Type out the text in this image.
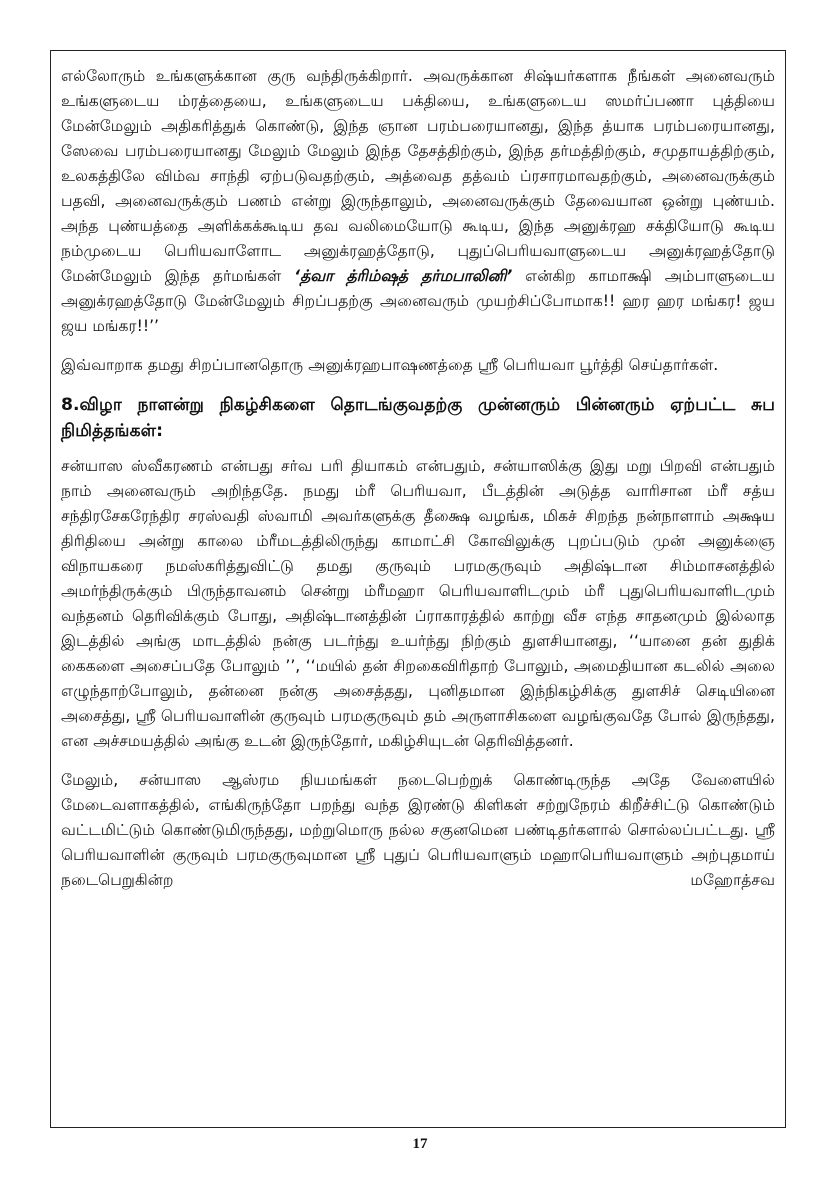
எல்லோரும் உங்களுக்கான குரு வந்திருக்கிறார். அவருக்கான சிஷ்யர்களாக நீங்கள் அனைவரும் உங்களுடைய ம்ரத்தையை, உங்களுடைய பக்தியை, உங்களுடைய ஸமர்ப்பணா புத்தியை மேன்மேலும் அதிகரித்துக் கொண்டு, இந்த ஞான பரம்பரையானது, இந்த த்யாக பரம்பரையானது, ஸேவை பரம்பரையானது மேலும் மேலும் இந்த தேசத்திற்கும், இந்த தர்மத்திற்கும், சமுதாயத்திற்கும், உலகத்திலே விம்வ சாந்தி ஏற்படுவதற்கும், அத்வைத தத்வம் ப்ரசாரமாவதற்கும், அனைவருக்கும் பதவி, அனைவருக்கும் பணம் என்று இருந்தாலும், அனைவருக்கும் தேவையான ஒன்று புண்யம். அந்த புண்யத்தை அளிக்கக்கூடிய தவ வலிமையோடு கூடிய, இந்த அனுக்ரஹ சக்தியோடு கூடிய நம்முடைய பெரியவாளோட அனுக்ரஹத்தோடு, புதுப்பெரியவாளுடைய அனுக்ரஹத்தோடு மேன்மேலும் இந்த தர்மங்கள் ‘த்வா த்ரிம்ஷத் தர்மபாலினி’ என்கிற காமாக்ஷி அம்பாளுடைய அனுக்ரஹத்தோடு மேன்மேலும் சிறப்பதற்கு அனைவரும் முயற்சிப்போமாக!! ஹர ஹர மங்கர! ஜய ஜய மங்கர!!’’

இவ்வாறாக தமது சிறப்பானதொரு அனுக்ரஹபாஷணத்தை ஸ்ரீ பெரியவா பூர்த்தி செய்தார்கள்.

8.விழா நாளன்று நிகழ்சிகளை தொடங்குவதற்கு முன்னரும் பின்னரும் ஏற்பட்ட சுப நிமித்தங்கள்:

சன்யாஸ ஸ்வீகரணம் என்பது சர்வ பரி தியாகம் என்பதும், சன்யாஸிக்கு இது மறு பிறவி என்பதும் நாம் அனைவரும் அறிந்ததே. நமது ம்ரீ பெரியவா, பீடத்தின் அடுத்த வாரிசான ம்ரீ சத்ய சந்திரசேகரேந்திர சரஸ்வதி ஸ்வாமி அவர்களுக்கு தீக்ஷை வழங்க, மிகச் சிறந்த நன்நாளாம் அக்ஷய திரிதியை அன்று காலை ம்ரீமடத்திலிருந்து காமாட்சி கோவிலுக்கு புறப்படும் முன் அனுக்ஞை விநாயகரை நமஸ்கரித்துவிட்டு தமது குருவும் பரமகுருவும் அதிஷ்டான சிம்மாசனத்தில் அமர்ந்திருக்கும் பிருந்தாவனம் சென்று ம்ரீமஹா பெரியவாளிடமும் ம்ரீ புதுபெரியவாளிடமும் வந்தனம் தெரிவிக்கும் போது, அதிஷ்டானத்தின் ப்ராகாரத்தில் காற்று வீச எந்த சாதனமும் இல்லாத இடத்தில் அங்கு மாடத்தில் நன்கு படர்ந்து உயர்ந்து நிற்கும் துளசியானது, ‘‘யானை தன் துதிக் கைகளை அசைப்பதே போலும் ’’, ‘‘மயில் தன் சிறகைவிரிதாற் போலும், அமைதியான கடலில் அலை எழுந்தாற்போலும், தன்னை நன்கு அசைத்தது, புனிதமான இந்நிகழ்சிக்கு துளசிச் செடியினை அசைத்து, ஸ்ரீ பெரியவாளின் குருவும் பரமகுருவும் தம் அருளாசிகளை வழங்குவதே போல் இருந்தது, என அச்சமயத்தில் அங்கு உடன் இருந்தோர், மகிழ்சியுடன் தெரிவித்தனர்.

மேலும், சன்யாஸ ஆஸ்ரம நியமங்கள் நடைபெற்றுக் கொண்டிருந்த அதே வேளையில் மேடைவளாகத்தில், எங்கிருந்தோ பறந்து வந்த இரண்டு கிளிகள் சற்றுநேரம் கிறீச்சிட்டு கொண்டும் வட்டமிட்டும் கொண்டுமிருந்தது, மற்றுமொரு நல்ல சகுனமென பண்டிதர்களால் சொல்லப்பட்டது. ஸ்ரீ பெரியவாளின் குருவும் பரமகுருவுமான ஸ்ரீ புதுப் பெரியவாளும் மஹாபெரியவாளும் அற்புதமாய் நடைபெறுகின்ற மஹோத்சவ

17
